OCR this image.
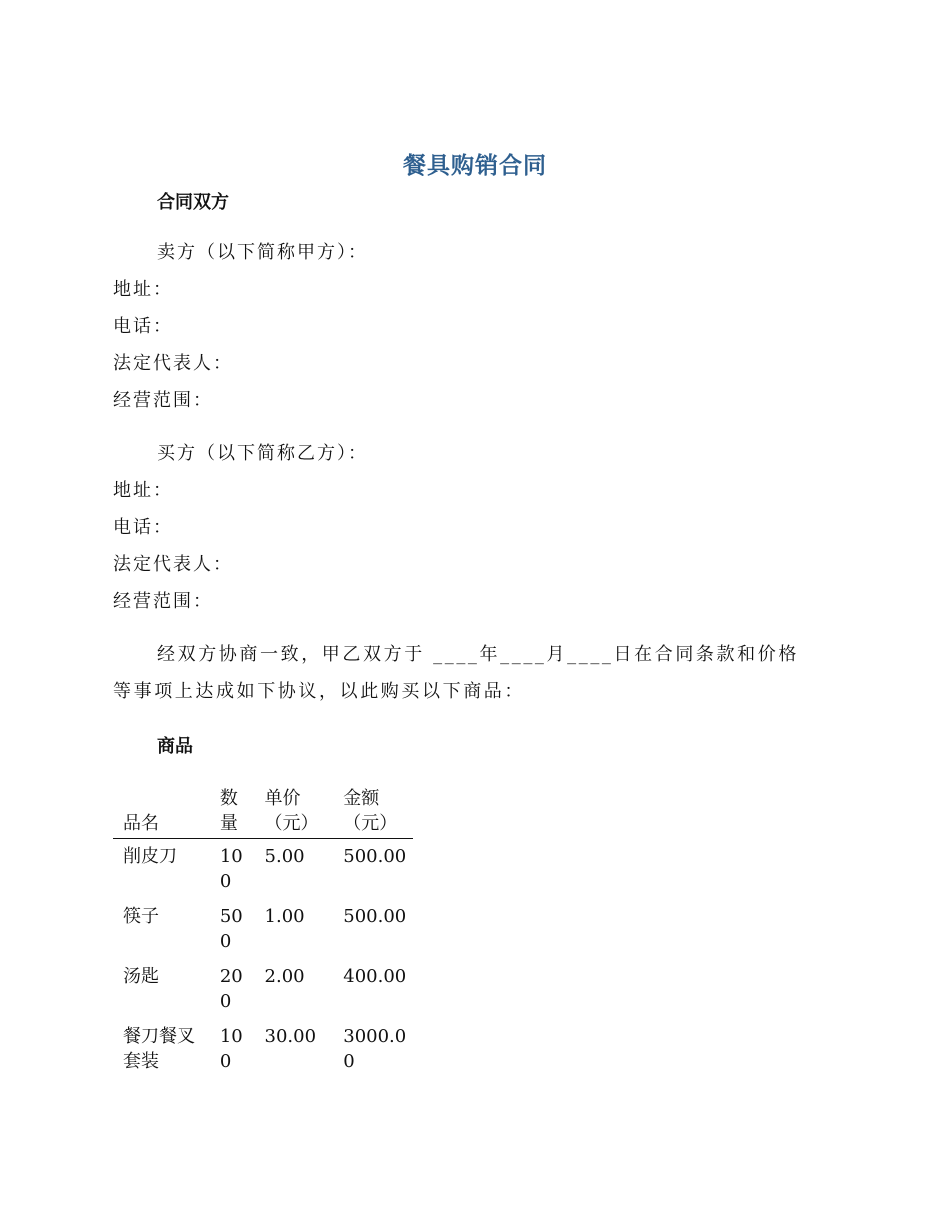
餐具购销合同
合同双方
卖方（以下简称甲方）：
地址：
电话：
法定代表人：
经营范围：
买方（以下简称乙方）：
地址：
电话：
法定代表人：
经营范围：
经双方协商一致，甲乙双方于 ____年____月____日在合同条款和价格
等事项上达成如下协议，以此购买以下商品：
商品
品名	数量	单价（元）	金额（元）
削皮刀	100	5.00	500.00
筷子	500	1.00	500.00
汤匙	200	2.00	400.00
餐刀餐叉套装	100	30.00	3000.00
